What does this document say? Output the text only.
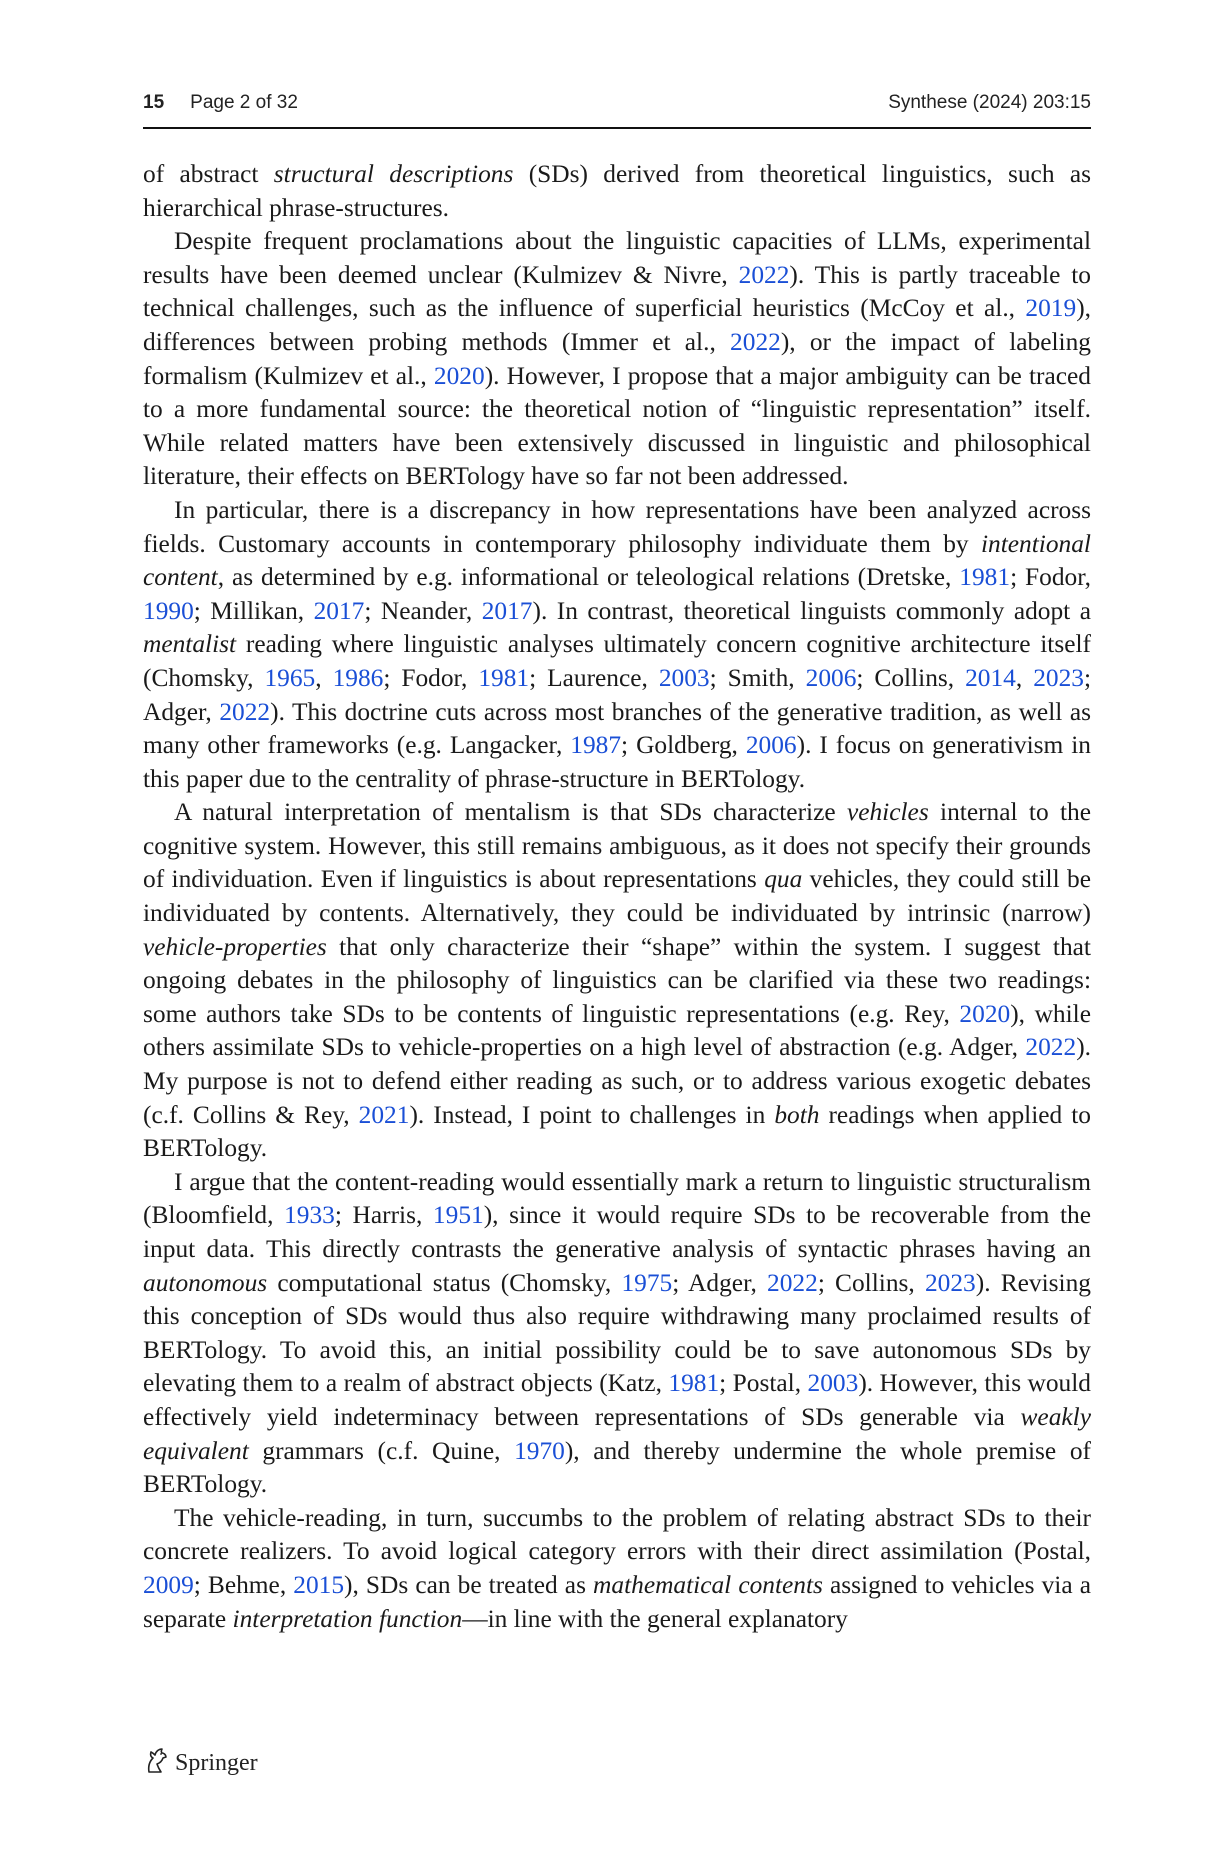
15 Page 2 of 32	Synthese (2024) 203:15

of abstract structural descriptions (SDs) derived from theoretical linguistics, such as hierarchical phrase-structures.

Despite frequent proclamations about the linguistic capacities of LLMs, experimental results have been deemed unclear (Kulmizev & Nivre, 2022). This is partly traceable to technical challenges, such as the influence of superficial heuristics (McCoy et al., 2019), differences between probing methods (Immer et al., 2022), or the impact of labeling formalism (Kulmizev et al., 2020). However, I propose that a major ambiguity can be traced to a more fundamental source: the theoretical notion of “linguistic representation” itself. While related matters have been extensively discussed in linguistic and philosophical literature, their effects on BERTology have so far not been addressed.

In particular, there is a discrepancy in how representations have been analyzed across fields. Customary accounts in contemporary philosophy individuate them by intentional content, as determined by e.g. informational or teleological relations (Dretske, 1981; Fodor, 1990; Millikan, 2017; Neander, 2017). In contrast, theoretical linguists commonly adopt a mentalist reading where linguistic analyses ultimately concern cognitive architecture itself (Chomsky, 1965, 1986; Fodor, 1981; Laurence, 2003; Smith, 2006; Collins, 2014, 2023; Adger, 2022). This doctrine cuts across most branches of the generative tradition, as well as many other frameworks (e.g. Langacker, 1987; Goldberg, 2006). I focus on generativism in this paper due to the centrality of phrase-structure in BERTology.

A natural interpretation of mentalism is that SDs characterize vehicles internal to the cognitive system. However, this still remains ambiguous, as it does not specify their grounds of individuation. Even if linguistics is about representations qua vehicles, they could still be individuated by contents. Alternatively, they could be individuated by intrinsic (narrow) vehicle-properties that only characterize their “shape” within the system. I suggest that ongoing debates in the philosophy of linguistics can be clarified via these two readings: some authors take SDs to be contents of linguistic representations (e.g. Rey, 2020), while others assimilate SDs to vehicle-properties on a high level of abstraction (e.g. Adger, 2022). My purpose is not to defend either reading as such, or to address various exogetic debates (c.f. Collins & Rey, 2021). Instead, I point to challenges in both readings when applied to BERTology.

I argue that the content-reading would essentially mark a return to linguistic structuralism (Bloomfield, 1933; Harris, 1951), since it would require SDs to be recoverable from the input data. This directly contrasts the generative analysis of syntactic phrases having an autonomous computational status (Chomsky, 1975; Adger, 2022; Collins, 2023). Revising this conception of SDs would thus also require withdrawing many proclaimed results of BERTology. To avoid this, an initial possibility could be to save autonomous SDs by elevating them to a realm of abstract objects (Katz, 1981; Postal, 2003). However, this would effectively yield indeterminacy between representations of SDs generable via weakly equivalent grammars (c.f. Quine, 1970), and thereby undermine the whole premise of BERTology.

The vehicle-reading, in turn, succumbs to the problem of relating abstract SDs to their concrete realizers. To avoid logical category errors with their direct assimilation (Postal, 2009; Behme, 2015), SDs can be treated as mathematical contents assigned to vehicles via a separate interpretation function—in line with the general explanatory

Springer
